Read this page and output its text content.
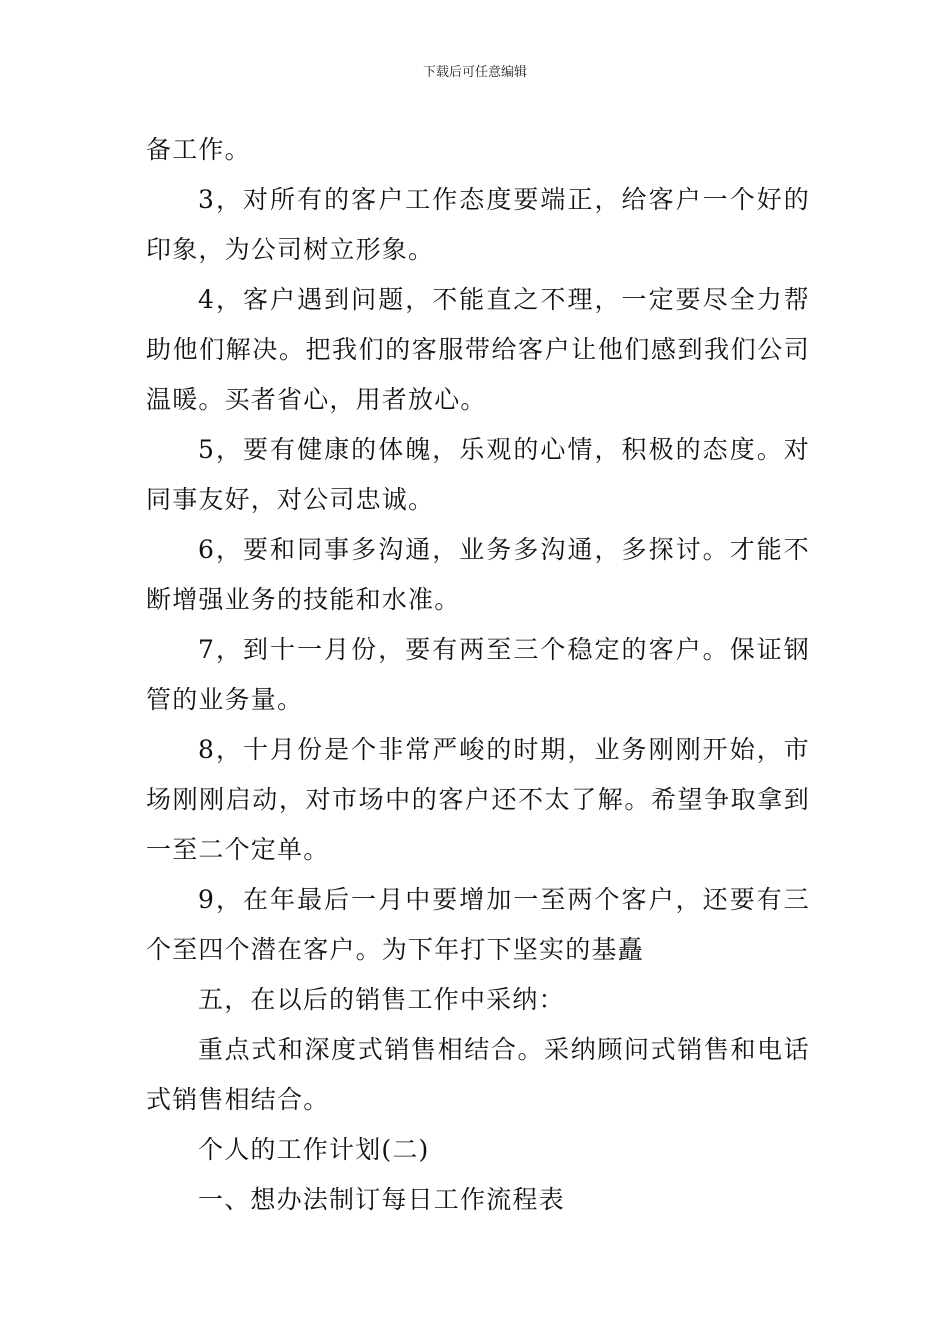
下载后可任意编辑

备工作。

3，对所有的客户工作态度要端正，给客户一个好的印象，为公司树立形象。

4，客户遇到问题，不能直之不理，一定要尽全力帮助他们解决。把我们的客服带给客户让他们感到我们公司温暖。买者省心，用者放心。

5，要有健康的体魄，乐观的心情，积极的态度。对同事友好，对公司忠诚。

6，要和同事多沟通，业务多沟通，多探讨。才能不断增强业务的技能和水准。

7，到十一月份，要有两至三个稳定的客户。保证钢管的业务量。

8，十月份是个非常严峻的时期，业务刚刚开始，市场刚刚启动，对市场中的客户还不太了解。希望争取拿到一至二个定单。

9，在年最后一月中要增加一至两个客户，还要有三个至四个潜在客户。为下年打下坚实的基矗

五，在以后的销售工作中采纳：

重点式和深度式销售相结合。采纳顾问式销售和电话式销售相结合。

个人的工作计划(二)

一、想办法制订每日工作流程表
